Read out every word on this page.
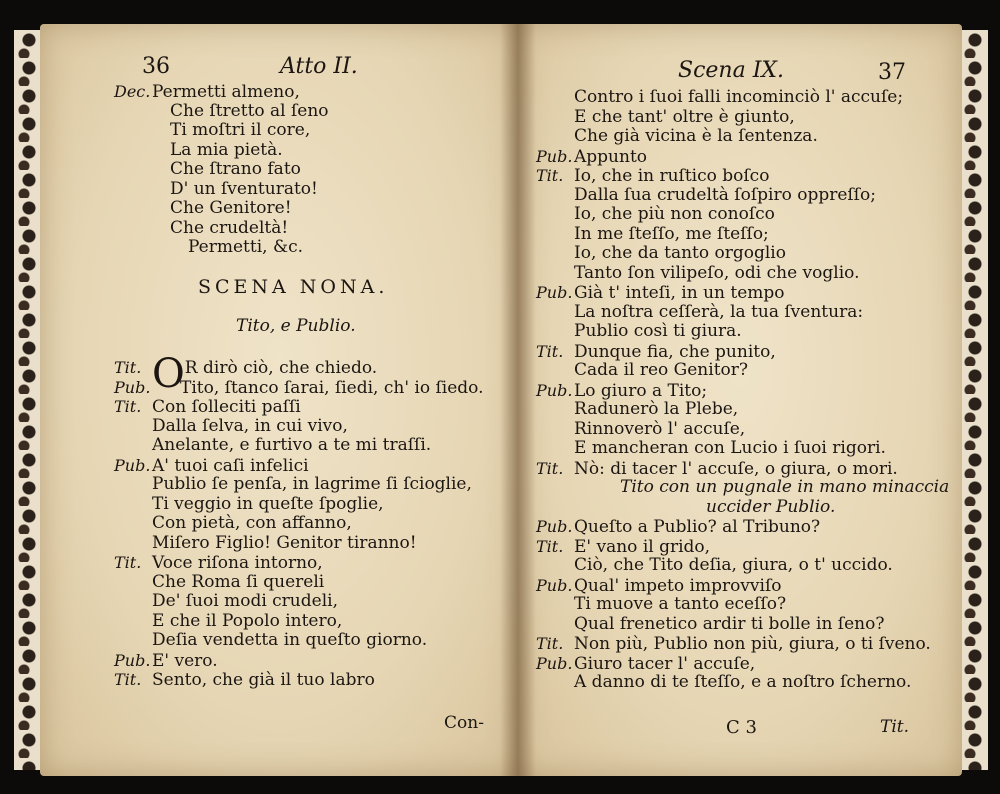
36	Atto II.
Dec.Permetti almeno,
Che ſtretto al ſeno
Ti moſtri il core,
La mia pietà.
Che ſtrano fato
D' un ſventurato!
Che Genitore!
Che crudeltà!
Permetti, &c.
SCENA NONA.
Tito, e Publio.
Tit. OR dirò ciò, che chiedo.
Pub. Tito, ſtanco ſarai, ſiedi, ch' io ſiedo.
Tit. Con ſolleciti paſſi
Dalla ſelva, in cui vivo,
Anelante, e furtivo a te mi traſſi.
Pub.A' tuoi caſi infelici
Publio ſe penſa, in lagrime ſi ſcioglie,
Ti veggio in queſte ſpoglie,
Con pietà, con affanno,
Miſero Figlio! Genitor tiranno!
Tit. Voce riſona intorno,
Che Roma ſi quereli
De' ſuoi modi crudeli,
E che il Popolo intero,
Deſia vendetta in queſto giorno.
Pub.E' vero.
Tit. Sento, che già il tuo labro
Con-
Scena IX.	37
Contro i ſuoi falli incominciò l' accuſe;
E che tant' oltre è giunto,
Che già vicina è la ſentenza.
Pub.Appunto
Tit. Io, che in ruſtico boſco
Dalla ſua crudeltà ſoſpiro oppreſſo;
Io, che più non conoſco
In me ſteſſo, me ſteſſo;
Io, che da tanto orgoglio
Tanto ſon vilipeſo, odi che voglio.
Pub.Già t' inteſi, in un tempo
La noſtra ceſſerà, la tua ſventura:
Publio così ti giura.
Tit. Dunque fia, che punito,
Cada il reo Genitor?
Pub.Lo giuro a Tito;
Radunerò la Plebe,
Rinnoverò l' accuſe,
E mancheran con Lucio i ſuoi rigori.
Tit. Nò: di tacer l' accuſe, o giura, o mori.
Tito con un pugnale in mano minaccia
uccider Publio.
Pub.Queſto a Publio? al Tribuno?
Tit. E' vano il grido,
Ciò, che Tito deſia, giura, o t' uccido.
Pub.Qual' impeto improvviſo
Ti muove a tanto eceſſo?
Qual frenetico ardir ti bolle in ſeno?
Tit. Non più, Publio non più, giura, o ti ſveno.
Pub.Giuro tacer l' accuſe,
A danno di te ſteſſo, e a noſtro ſcherno.
C 3	Tit.
